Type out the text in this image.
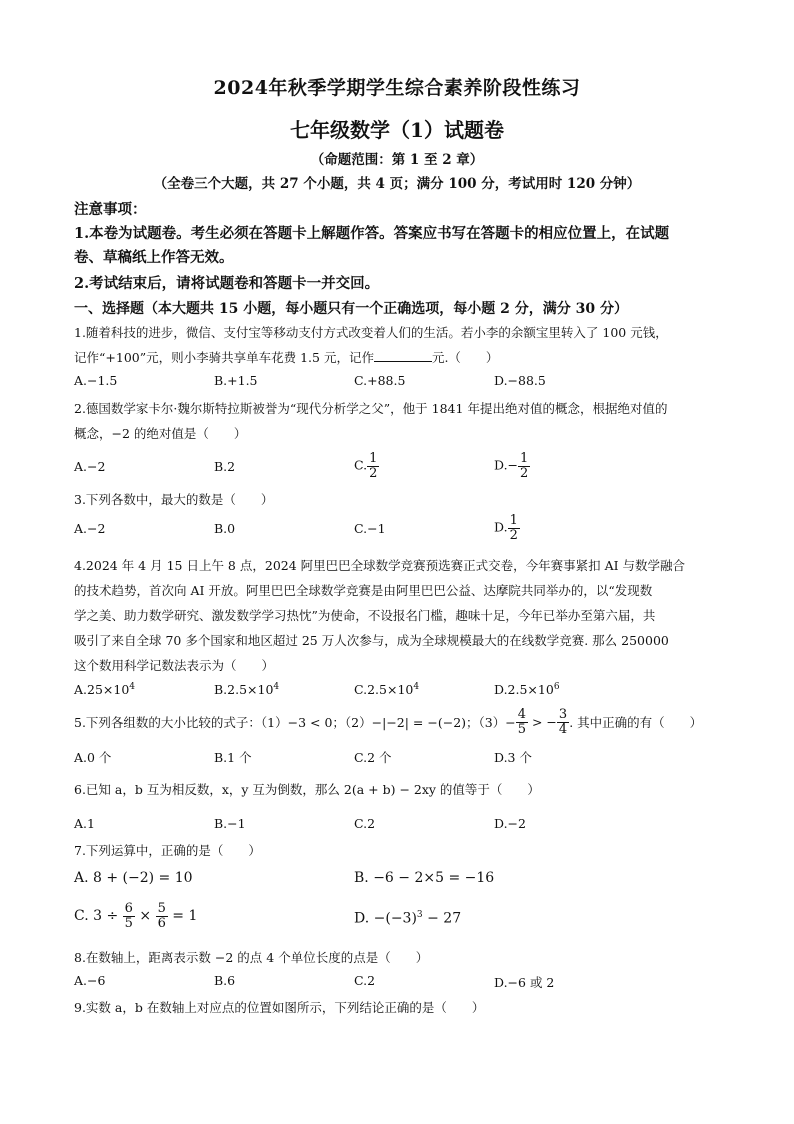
2024年秋季学期学生综合素养阶段性练习
七年级数学（1）试题卷
（命题范围：第 1 至 2 章）
（全卷三个大题，共 27 个小题，共 4 页；满分 100 分，考试用时 120 分钟）
注意事项：
1.本卷为试题卷。考生必须在答题卡上解题作答。答案应书写在答题卡的相应位置上，在试题
卷、草稿纸上作答无效。
2.考试结束后，请将试题卷和答题卡一并交回。
一、选择题（本大题共 15 小题，每小题只有一个正确选项，每小题 2 分，满分 30 分）
1.随着科技的进步，微信、支付宝等移动支付方式改变着人们的生活。若小李的余额宝里转入了 100 元钱，
记作“+100”元，则小李骑共享单车花费 1.5 元，记作	元.（　　）
A.−1.5	B.+1.5	C.+88.5	D.−88.5
2.德国数学家卡尔·魏尔斯特拉斯被誉为“现代分析学之父”，他于 1841 年提出绝对值的概念，根据绝对值的
概念，−2 的绝对值是（　　）
A.−2	B.2	C. $\frac{1}{2}$	$D.- \frac{1}{2}$
3.下列各数中，最大的数是（　　）
A.−2	B.0	C.−1	D. $\frac{1}{2}$
4.2024 年 4 月 15 日上午 8 点，2024 阿里巴巴全球数学竞赛预选赛正式交卷，今年赛事紧扣 AI 与数学融合
的技术趋势，首次向 AI 开放。阿里巴巴全球数学竞赛是由阿里巴巴公益、达摩院共同举办的，以“发现数
学之美、助力数学研究、激发数学学习热忱”为使命，不设报名门槛，趣味十足，今年已举办至第六届，共
吸引了来自全球 70 多个国家和地区超过 25 万人次参与，成为全球规模最大的在线数学竞赛. 那么 250000
这个数用科学记数法表示为（　　）
$A.25\times 10^4$	$B.2.5\times 10^4$	$C.2.5\times 10^4$	$D.2.5\times 10^6$
5.下列各组数的大小比较的式子：（1）−3 < 0；（2）−|−2| = −(−2)；$(3)- \frac{4}{5}$ > − $\frac{3}{4}$ . 其中正确的有（　　）
A.0 个	B.1 个	C.2 个	D.3 个
6.已知 a，b 互为相反数，x，y 互为倒数，那么 2(a + b) − 2xy 的值等于（　　）
A.1	B.−1	C.2	D.−2
7.下列运算中，正确的是（　　）
A. 8 + (−2) = 10	B. −6 − 2×5 = −16
C. $3 \div \frac{6}{5} \times \frac{5}{6} = 1$	D. $-(-3)^3 - 27$
8.在数轴上，距离表示数 −2 的点 4 个单位长度的点是（　　）
A.−6	B.6	C.2	D.−6 或 2
9.实数 a，b 在数轴上对应点的位置如图所示，下列结论正确的是（　　）
